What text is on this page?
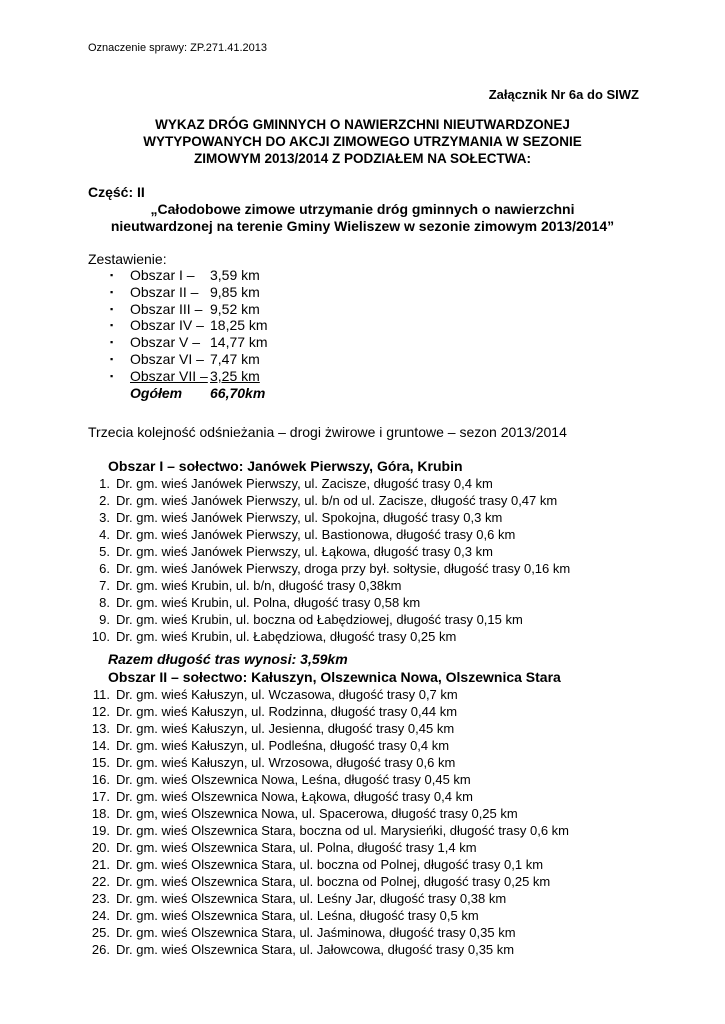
Oznaczenie sprawy: ZP.271.41.2013
Załącznik Nr 6a do SIWZ
WYKAZ DRÓG GMINNYCH O NAWIERZCHNI NIEUTWARDZONEJ
WYTYPOWANYCH DO AKCJI ZIMOWEGO UTRZYMANIA W SEZONIE
ZIMOWYM 2013/2014 Z PODZIAŁEM NA SOŁECTWA:
Część: II
„Całodobowe zimowe utrzymanie dróg gminnych o nawierzchni
nieutwardzonej na terenie Gminy Wieliszew w sezonie zimowym 2013/2014”
Zestawienie:
▪ Obszar I – 3,59 km
▪ Obszar II – 9,85 km
▪ Obszar III – 9,52 km
▪ Obszar IV – 18,25 km
▪ Obszar V – 14,77 km
▪ Obszar VI – 7,47 km
▪ Obszar VII – 3,25 km
Ogółem 66,70km
Trzecia kolejność odśnieżania – drogi żwirowe i gruntowe – sezon 2013/2014
Obszar I – sołectwo: Janówek Pierwszy, Góra, Krubin
1. Dr. gm. wieś Janówek Pierwszy, ul. Zacisze, długość trasy 0,4 km
2. Dr. gm. wieś Janówek Pierwszy, ul. b/n od ul. Zacisze, długość trasy 0,47 km
3. Dr. gm. wieś Janówek Pierwszy, ul. Spokojna, długość trasy 0,3 km
4. Dr. gm. wieś Janówek Pierwszy, ul. Bastionowa, długość trasy 0,6 km
5. Dr. gm. wieś Janówek Pierwszy, ul. Łąkowa, długość trasy 0,3 km
6. Dr. gm. wieś Janówek Pierwszy, droga przy był. sołtysie, długość trasy 0,16 km
7. Dr. gm. wieś Krubin, ul. b/n, długość trasy 0,38km
8. Dr. gm. wieś Krubin, ul. Polna, długość trasy 0,58 km
9. Dr. gm. wieś Krubin, ul. boczna od Łabędziowej, długość trasy 0,15 km
10. Dr. gm. wieś Krubin, ul. Łabędziowa, długość trasy 0,25 km
Razem długość tras wynosi: 3,59km
Obszar II – sołectwo: Kałuszyn, Olszewnica Nowa, Olszewnica Stara
11. Dr. gm. wieś Kałuszyn, ul. Wczasowa, długość trasy 0,7 km
12. Dr. gm. wieś Kałuszyn, ul. Rodzinna, długość trasy 0,44 km
13. Dr. gm. wieś Kałuszyn, ul. Jesienna, długość trasy 0,45 km
14. Dr. gm. wieś Kałuszyn, ul. Podleśna, długość trasy 0,4 km
15. Dr. gm. wieś Kałuszyn, ul. Wrzosowa, długość trasy 0,6 km
16. Dr. gm. wieś Olszewnica Nowa, Leśna, długość trasy 0,45 km
17. Dr. gm. wieś Olszewnica Nowa, Łąkowa, długość trasy 0,4 km
18. Dr. gm, wieś Olszewnica Nowa, ul. Spacerowa, długość trasy 0,25 km
19. Dr. gm. wieś Olszewnica Stara, boczna od ul. Marysieńki, długość trasy 0,6 km
20. Dr. gm. wieś Olszewnica Stara, ul. Polna, długość trasy 1,4 km
21. Dr. gm. wieś Olszewnica Stara, ul. boczna od Polnej, długość trasy 0,1 km
22. Dr. gm. wieś Olszewnica Stara, ul. boczna od Polnej, długość trasy 0,25 km
23. Dr. gm. wieś Olszewnica Stara, ul. Leśny Jar, długość trasy 0,38 km
24. Dr. gm. wieś Olszewnica Stara, ul. Leśna, długość trasy 0,5 km
25. Dr. gm. wieś Olszewnica Stara, ul. Jaśminowa, długość trasy 0,35 km
26. Dr. gm. wieś Olszewnica Stara, ul. Jałowcowa, długość trasy 0,35 km
